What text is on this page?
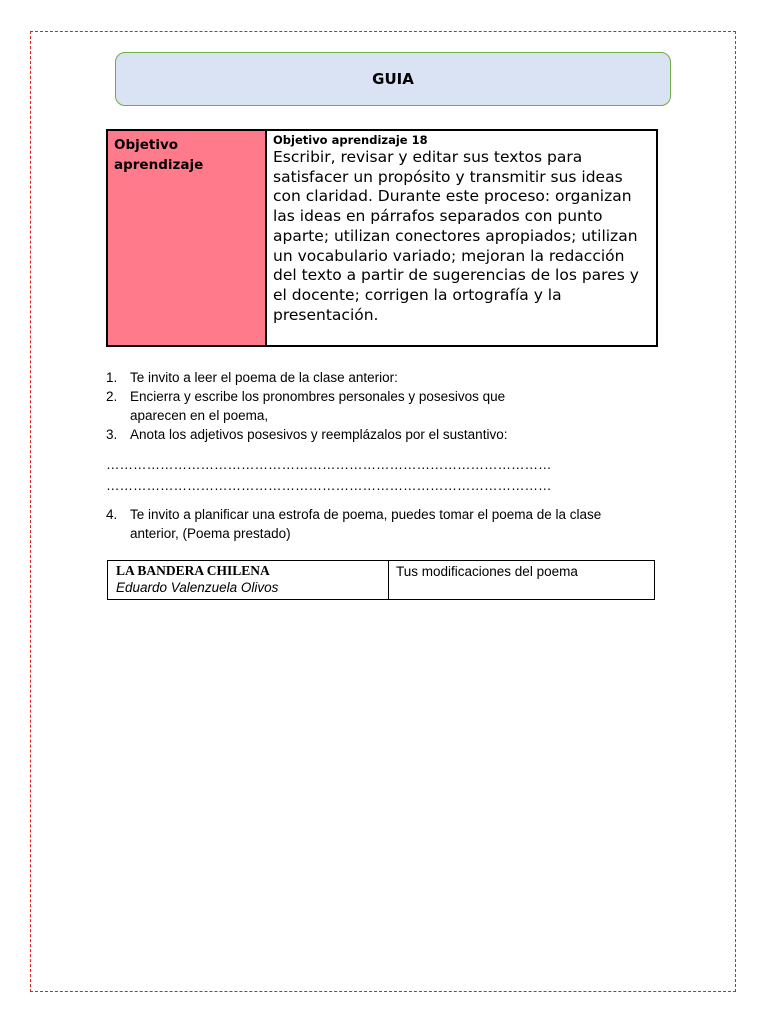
GUIA
Objetivo aprendizaje
Objetivo aprendizaje 18
Escribir, revisar y editar sus textos para satisfacer un propósito y transmitir sus ideas con claridad. Durante este proceso: organizan las ideas en párrafos separados con punto aparte; utilizan conectores apropiados; utilizan un vocabulario variado; mejoran la redacción del texto a partir de sugerencias de los pares y el docente; corrigen la ortografía y la presentación.
1. Te invito a leer el poema de la clase anterior:
2. Encierra y escribe los pronombres personales y posesivos que aparecen en el poema,
3. Anota los adjetivos posesivos y reemplázalos por el sustantivo:
………………………………………………………………………………………
………………………………………………………………………………………
4. Te invito a planificar una estrofa de poema, puedes tomar el poema de la clase anterior, (Poema prestado)
LA BANDERA CHILENA
Eduardo Valenzuela Olivos
Tus modificaciones del poema
